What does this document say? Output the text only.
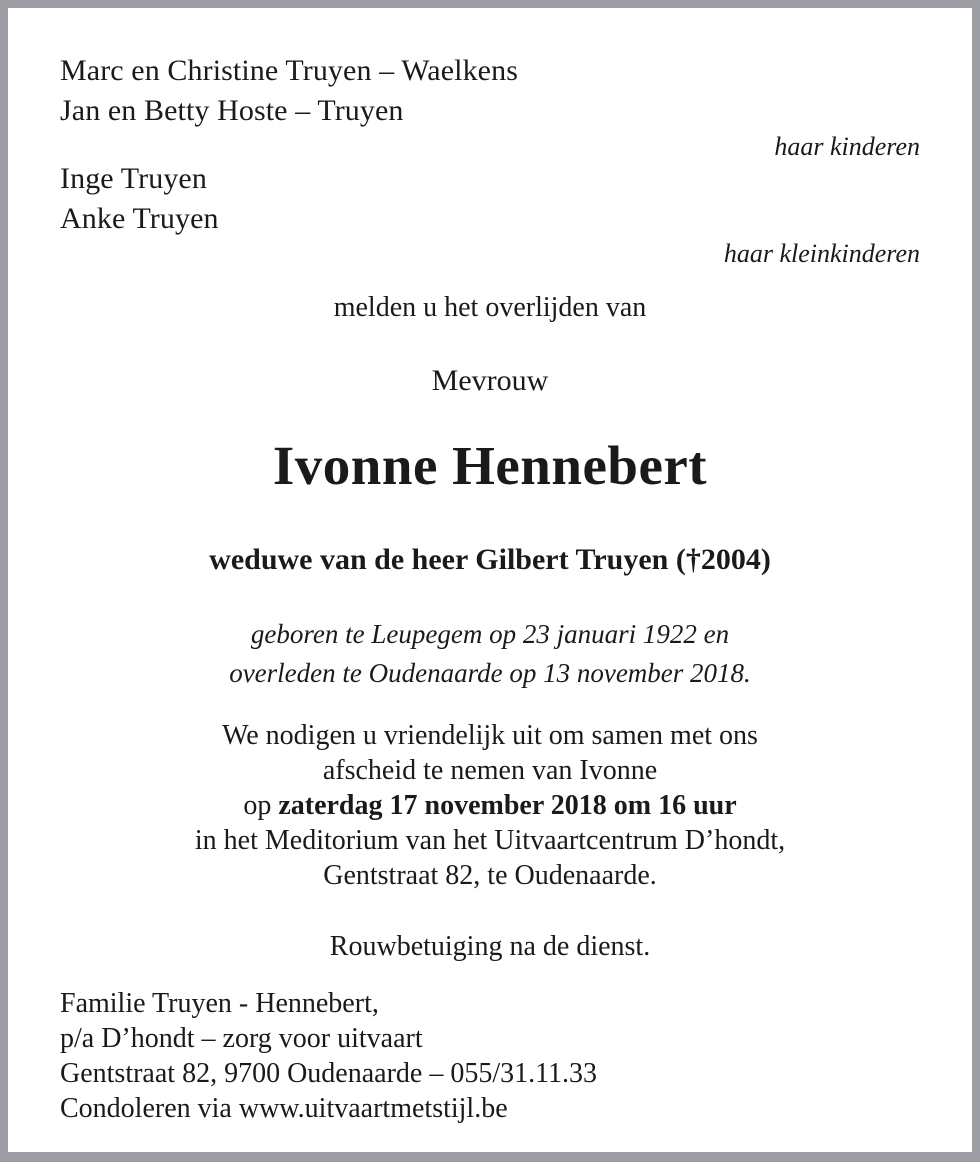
Marc en Christine Truyen – Waelkens
Jan en Betty Hoste – Truyen
haar kinderen
Inge Truyen
Anke Truyen
haar kleinkinderen
melden u het overlijden van
Mevrouw
Ivonne Hennebert
weduwe van de heer Gilbert Truyen (†2004)
geboren te Leupegem op 23 januari 1922 en
overleden te Oudenaarde op 13 november 2018.
We nodigen u vriendelijk uit om samen met ons
afscheid te nemen van Ivonne
op zaterdag 17 november 2018 om 16 uur
in het Meditorium van het Uitvaartcentrum D’hondt,
Gentstraat 82, te Oudenaarde.
Rouwbetuiging na de dienst.
Familie Truyen - Hennebert,
p/a D’hondt – zorg voor uitvaart
Gentstraat 82, 9700 Oudenaarde – 055/31.11.33
Condoleren via www.uitvaartmetstijl.be
